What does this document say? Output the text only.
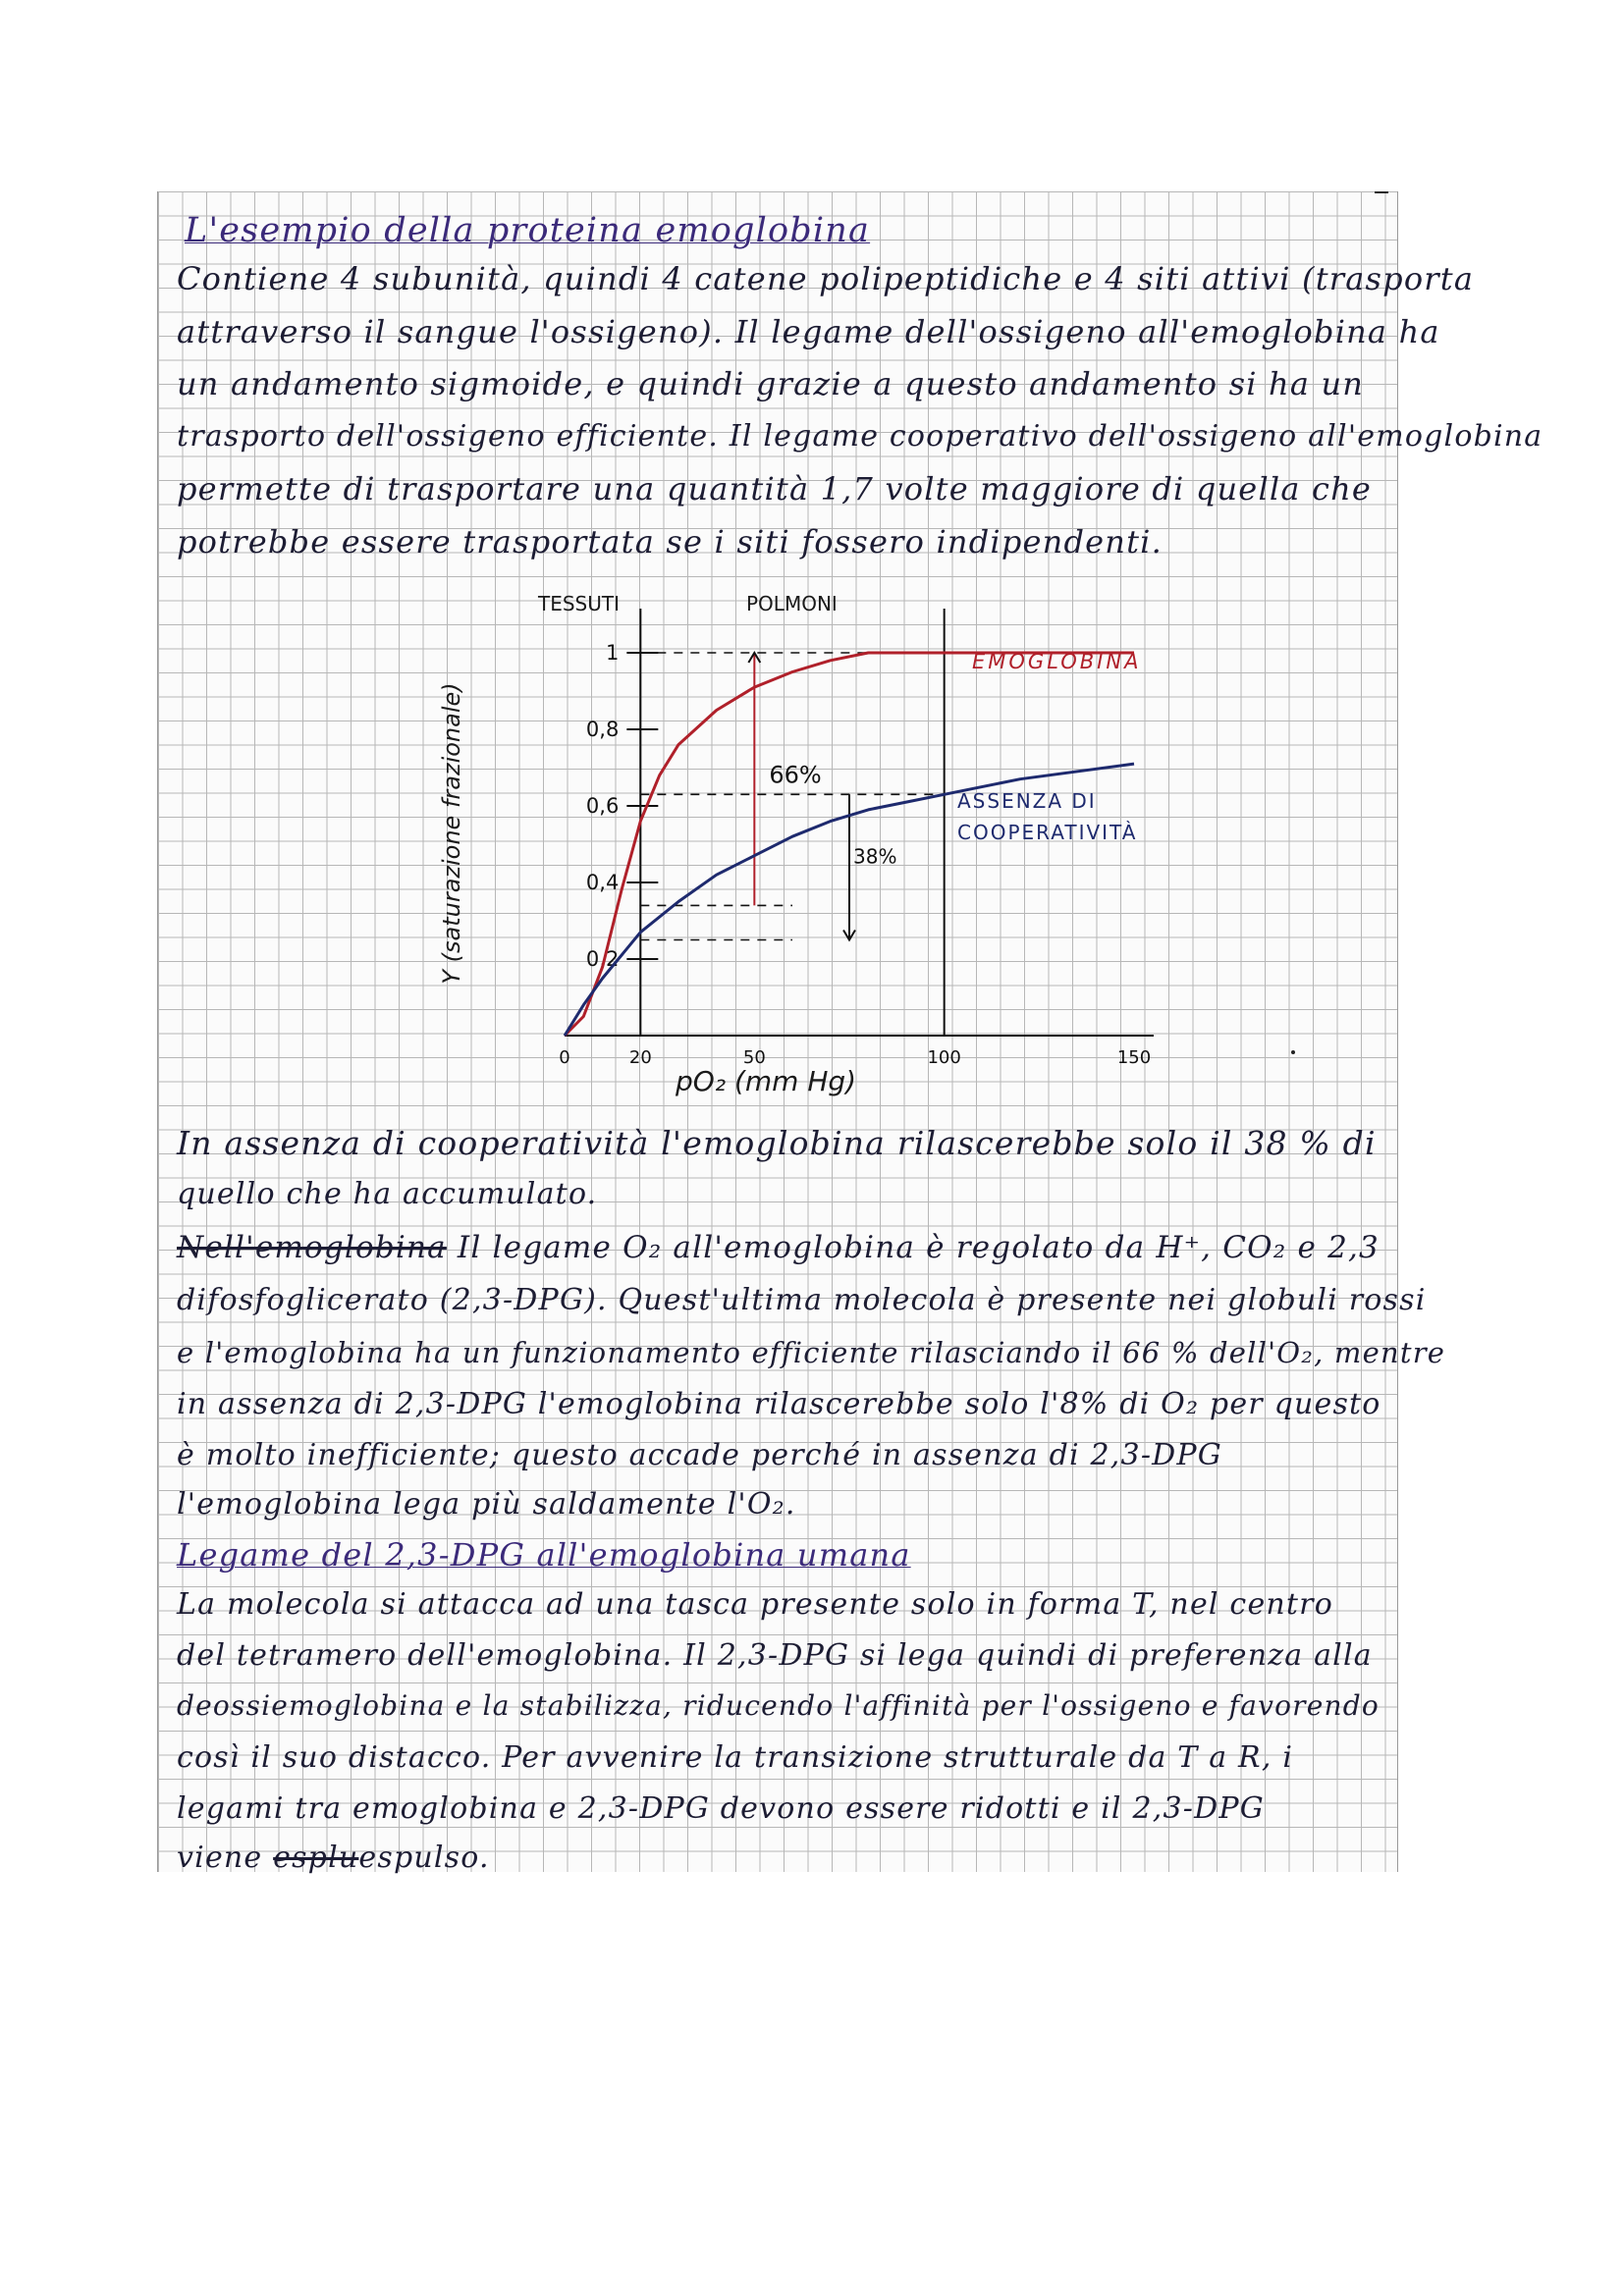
L'esempio della proteina emoglobina
Contiene 4 subunità, quindi 4 catene polipeptidiche e 4 siti attivi (trasporta
attraverso il sangue l'ossigeno). Il legame dell'ossigeno all'emoglobina ha
un andamento sigmoide, e quindi grazie a questo andamento si ha un
trasporto dell'ossigeno efficiente. Il legame cooperativo dell'ossigeno all'emoglobina
permette di trasportare una quantità 1,7 volte maggiore di quella che
potrebbe essere trasportata se i siti fossero indipendenti.
0,2
0,4
0,6
0,8
1
0	20	50	100	150
66%
38%
TESSUTI	POLMONI
EMOGLOBINA
ASSENZA DI COOPERATIVITÀ
pO₂ (mm Hg)
Y (saturazione frazionale)
In assenza di cooperatività l'emoglobina rilascerebbe solo il 38 % di
quello che ha accumulato.
Nell'emoglobina Il legame O₂ all'emoglobina è regolato da H⁺, CO₂ e 2,3
difosfoglicerato (2,3-DPG). Quest'ultima molecola è presente nei globuli rossi
e l'emoglobina ha un funzionamento efficiente rilasciando il 66 % dell'O₂, mentre
in assenza di 2,3-DPG l'emoglobina rilascerebbe solo l'8% di O₂ per questo
è molto inefficiente; questo accade perché in assenza di 2,3-DPG
l'emoglobina lega più saldamente l'O₂.
Legame del 2,3-DPG all'emoglobina umana
La molecola si attacca ad una tasca presente solo in forma T, nel centro
del tetramero dell'emoglobina. Il 2,3-DPG si lega quindi di preferenza alla
deossiemoglobina e la stabilizza, riducendo l'affinità per l'ossigeno e favorendo
così il suo distacco. Per avvenire la transizione strutturale da T a R, i
legami tra emoglobina e 2,3-DPG devono essere ridotti e il 2,3-DPG
viene espluespulso.
